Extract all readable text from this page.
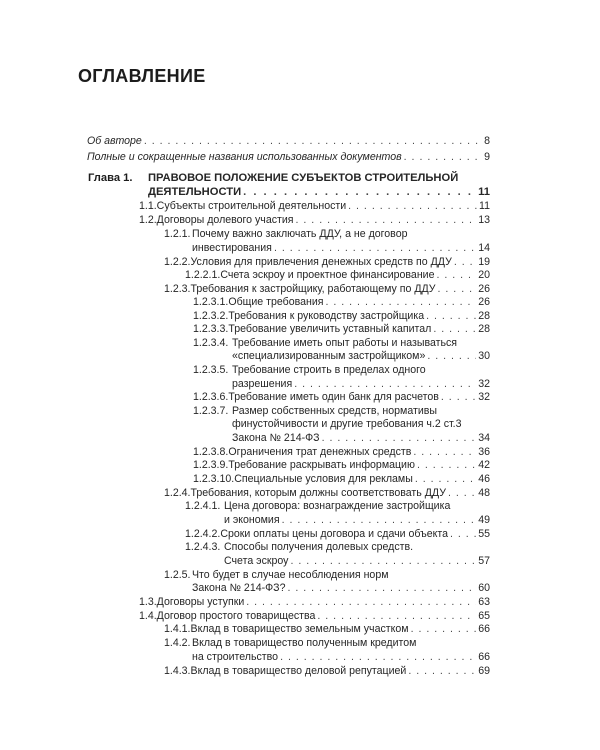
ОГЛАВЛЕНИЕ
Об авторе . . .	8
Полные и сокращенные названия использованных документов . . .	9
Глава 1. ПРАВОВОЕ ПОЛОЖЕНИЕ СУБЪЕКТОВ СТРОИТЕЛЬНОЙ
ДЕЯТЕЛЬНОСТИ . . .	11
1.1. Субъекты строительной деятельности . . .	11
1.2. Договоры долевого участия . . .	13
1.2.1.Почему важно заключать ДДУ, а не договор
инвестирования . . .	14
1.2.2. Условия для привлечения денежных средств по ДДУ . . . 19
1.2.2.1. Счета эскроу и проектное финансирование . . .	20
1.2.3. Требования к застройщику, работающему по ДДУ . . .	26
1.2.3.1. Общие требования . . .	26
1.2.3.2. Требования к руководству застройщика . . .	28
1.2.3.3. Требование увеличить уставный капитал . . .	28
1.2.3.4. Требование иметь опыт работы и называться
«специализированным застройщиком» . . .	30
1.2.3.5. Требование строить в пределах одного
разрешения . . .	32
1.2.3.6. Требование иметь один банк для расчетов . . .	32
1.2.3.7. Размер собственных средств, нормативы
финустойчивости и другие требования ч.2 ст.3
Закона № 214-ФЗ . . .	34
1.2.3.8. Ограничения трат денежных средств . . .	36
1.2.3.9. Требование раскрывать информацию . . .	42
1.2.3.10. Специальные условия для рекламы . . .	46
1.2.4. Требования, которым должны соответствовать ДДУ . . .	48
1.2.4.1. Цена договора: вознаграждение застройщика
и экономия . . .	49
1.2.4.2. Сроки оплаты цены договора и сдачи объекта . . .	55
1.2.4.3. Способы получения долевых средств.
Счета эскроу . . .	57
1.2.5.Что будет в случае несоблюдения норм
Закона № 214-ФЗ? . . .	60
1.3. Договоры уступки . . .	63
1.4. Договор простого товарищества . . .	65
1.4.1. Вклад в товарищество земельным участком . . .	66
1.4.2.Вклад в товарищество полученным кредитом
на строительство . . .	66
1.4.3. Вклад в товарищество деловой репутацией . . .	69
